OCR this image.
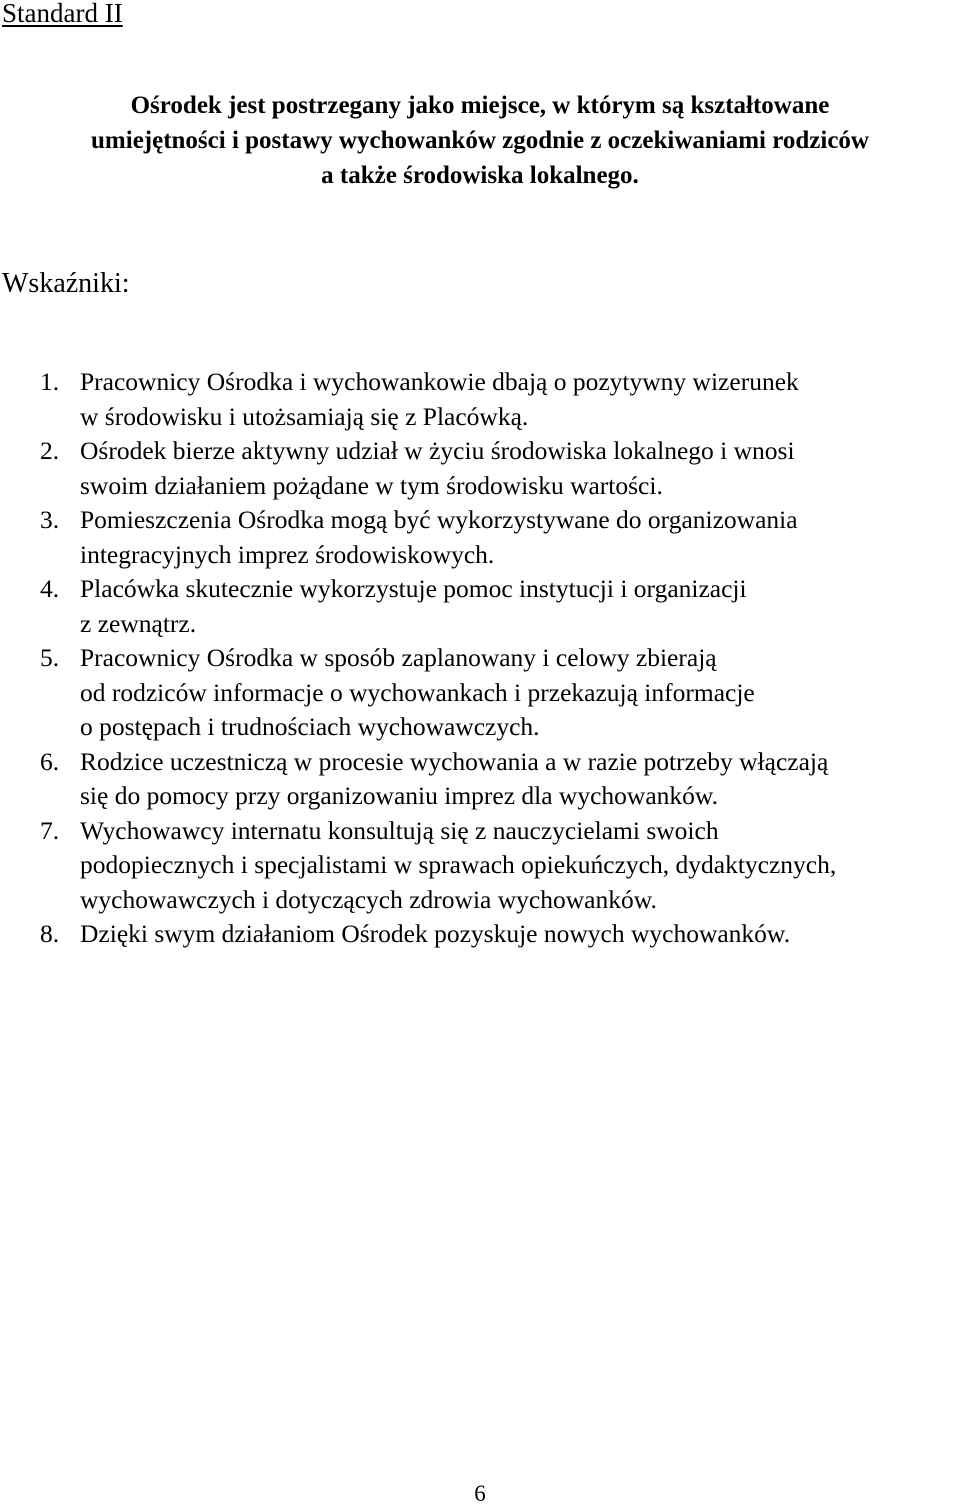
Standard II
Ośrodek jest postrzegany jako miejsce, w którym są kształtowane
umiejętności i postawy wychowanków zgodnie z oczekiwaniami rodziców
a także środowiska lokalnego.
Wskaźniki:
1. Pracownicy Ośrodka i wychowankowie dbają o pozytywny wizerunek
w środowisku i utożsamiają się z Placówką.
2. Ośrodek bierze aktywny udział w życiu środowiska lokalnego i wnosi
swoim działaniem pożądane w tym środowisku wartości.
3. Pomieszczenia Ośrodka mogą być wykorzystywane do organizowania
integracyjnych imprez środowiskowych.
4. Placówka skutecznie wykorzystuje pomoc instytucji i organizacji
z zewnątrz.
5. Pracownicy Ośrodka w sposób zaplanowany i celowy zbierają
od rodziców informacje o wychowankach i przekazują informacje
o postępach i trudnościach wychowawczych.
6. Rodzice uczestniczą w procesie wychowania a w razie potrzeby włączają
się do pomocy przy organizowaniu imprez dla wychowanków.
7. Wychowawcy internatu konsultują się z nauczycielami swoich
podopiecznych i specjalistami w sprawach opiekuńczych, dydaktycznych,
wychowawczych i dotyczących zdrowia wychowanków.
8. Dzięki swym działaniom Ośrodek pozyskuje nowych wychowanków.
6
